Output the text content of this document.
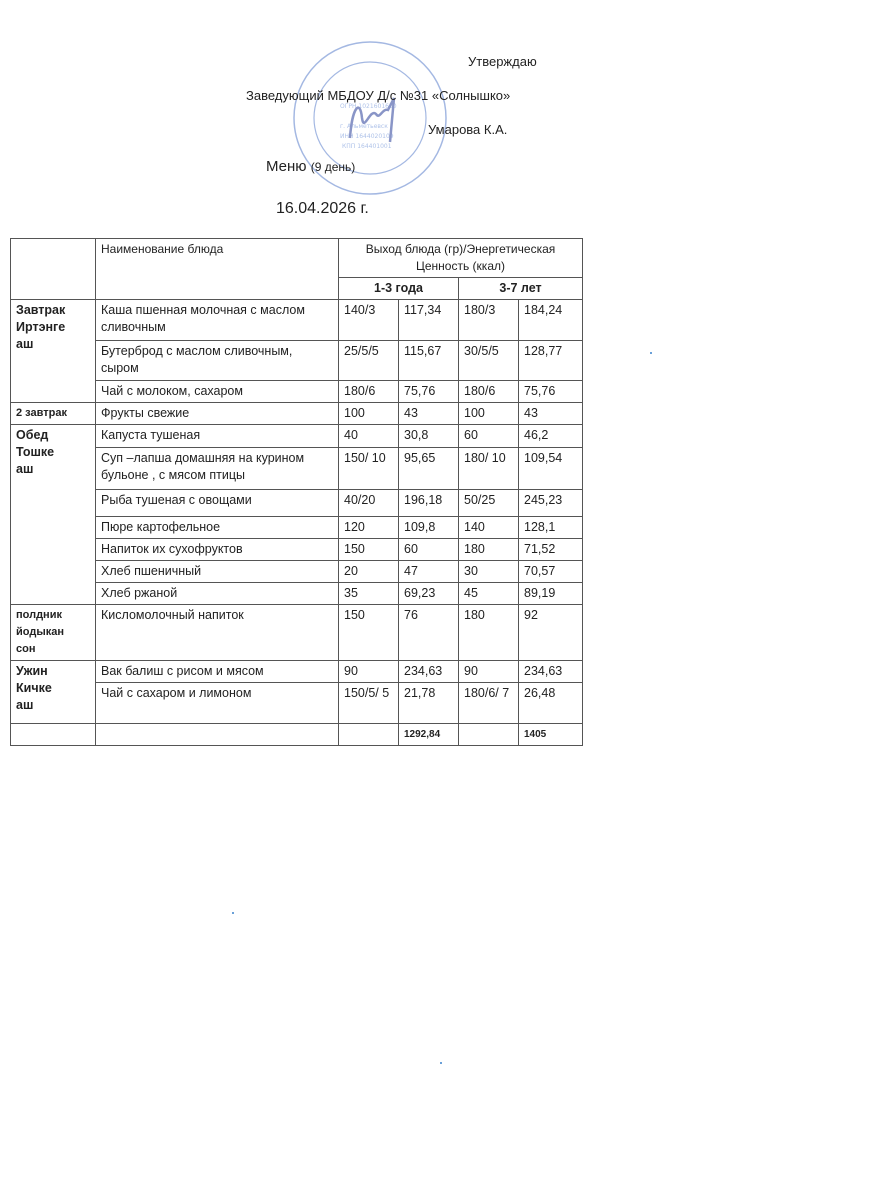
ОГРН 1021601630
г. Альметьевск
ИНН 1644020109
КПП 164401001
Утверждаю
Заведующий МБДОУ Д/с №31 «Солнышко»
Умарова К.А.
Меню (9 день)
16.04.2026 г.
	Наименование блюда	Выход блюда (гр)/Энергетическая Ценность (ккал)			
		1-3 года		3-7 лет	
Завтрак
Иртэнге
аш	Каша пшенная молочная с маслом сливочным	140/3	117,34	180/3	184,24
	Бутерброд с маслом сливочным, сыром	25/5/5	115,67	30/5/5	128,77
	Чай с молоком, сахаром	180/6	75,76	180/6	75,76
2 завтрак	Фрукты свежие	100	43	100	43
Обед
Тошке
аш	Капуста тушеная	40	30,8	60	46,2
	Суп –лапша домашняя на курином бульоне , с мясом птицы	150/ 10	95,65	180/ 10	109,54
	Рыба тушеная с овощами	40/20	196,18	50/25	245,23
	Пюре картофельное	120	109,8	140	128,1
	Напиток их сухофруктов	150	60	180	71,52
	Хлеб пшеничный	20	47	30	70,57
	Хлеб ржаной	35	69,23	45	89,19
полдник
йодыкан
сон	Кисломолочный напиток	150	76	180	92
Ужин
Кичке
аш	Вак балиш с рисом и мясом	90	234,63	90	234,63
	Чай с сахаром и лимоном	150/5/ 5	21,78	180/6/ 7	26,48
			1292,84		1405
